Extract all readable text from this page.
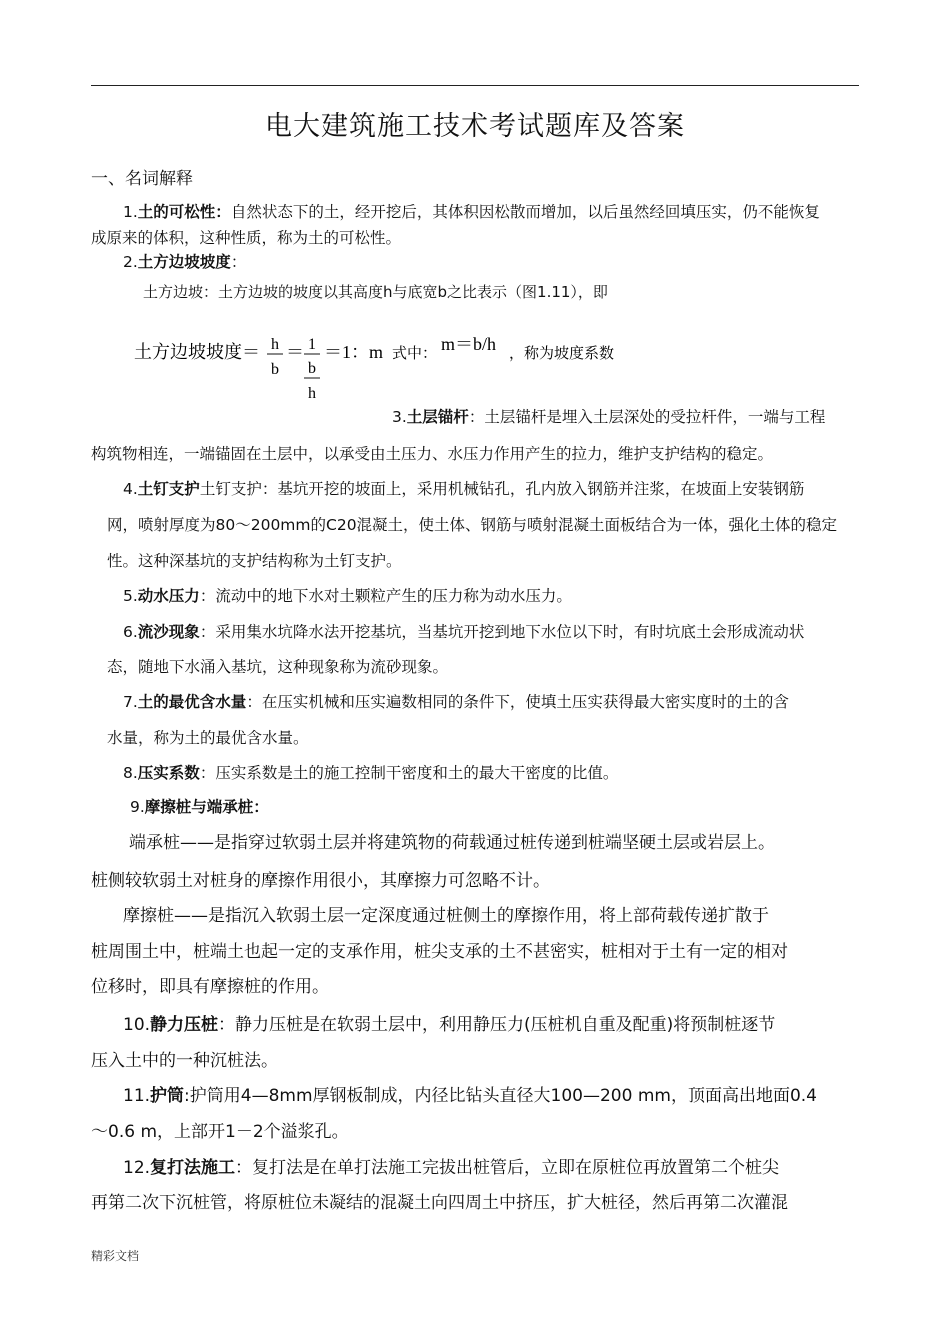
电大建筑施工技术考试题库及答案
一、名词解释
1.土的可松性：自然状态下的土，经开挖后，其体积因松散而增加，以后虽然经回填压实，仍不能恢复
成原来的体积，这种性质，称为土的可松性。
2.土方边坡坡度：
土方边坡：土方边坡的坡度以其高度h与底宽b之比表示（图1.11），即
土方边坡坡度＝ h
b
＝ 1
b
h
＝1：m 式中： m＝b/h ，称为坡度系数
3.土层锚杆：土层锚杆是埋入土层深处的受拉杆件，一端与工程
构筑物相连，一端锚固在土层中，以承受由土压力、水压力作用产生的拉力，维护支护结构的稳定。
4.土钉支护土钉支护：基坑开挖的坡面上，采用机械钻孔，孔内放入钢筋并注浆，在坡面上安装钢筋
网，喷射厚度为80～200mm的C20混凝土，使土体、钢筋与喷射混凝土面板结合为一体，强化土体的稳定
性。这种深基坑的支护结构称为土钉支护。
5.动水压力：流动中的地下水对土颗粒产生的压力称为动水压力。
6.流沙现象：采用集水坑降水法开挖基坑，当基坑开挖到地下水位以下时，有时坑底土会形成流动状
态，随地下水涌入基坑，这种现象称为流砂现象。
7.土的最优含水量：在压实机械和压实遍数相同的条件下，使填土压实获得最大密实度时的土的含
水量，称为土的最优含水量。
8.压实系数：压实系数是土的施工控制干密度和土的最大干密度的比值。
9.摩擦桩与端承桩：
端承桩——是指穿过软弱土层并将建筑物的荷载通过桩传递到桩端坚硬土层或岩层上。
桩侧较软弱土对桩身的摩擦作用很小，其摩擦力可忽略不计。
摩擦桩——是指沉入软弱土层一定深度通过桩侧土的摩擦作用，将上部荷载传递扩散于
桩周围土中，桩端土也起一定的支承作用，桩尖支承的土不甚密实，桩相对于土有一定的相对
位移时，即具有摩擦桩的作用。
10.静力压桩：静力压桩是在软弱土层中，利用静压力(压桩机自重及配重)将预制桩逐节
压入土中的一种沉桩法。
11.护筒:护筒用4—8mm厚钢板制成，内径比钻头直径大100—200 mm，顶面高出地面0.4
～0.6 m，上部开1－2个溢浆孔。
12.复打法施工：复打法是在单打法施工完拔出桩管后，立即在原桩位再放置第二个桩尖
再第二次下沉桩管，将原桩位未凝结的混凝土向四周土中挤压，扩大桩径，然后再第二次灌混
精彩文档
